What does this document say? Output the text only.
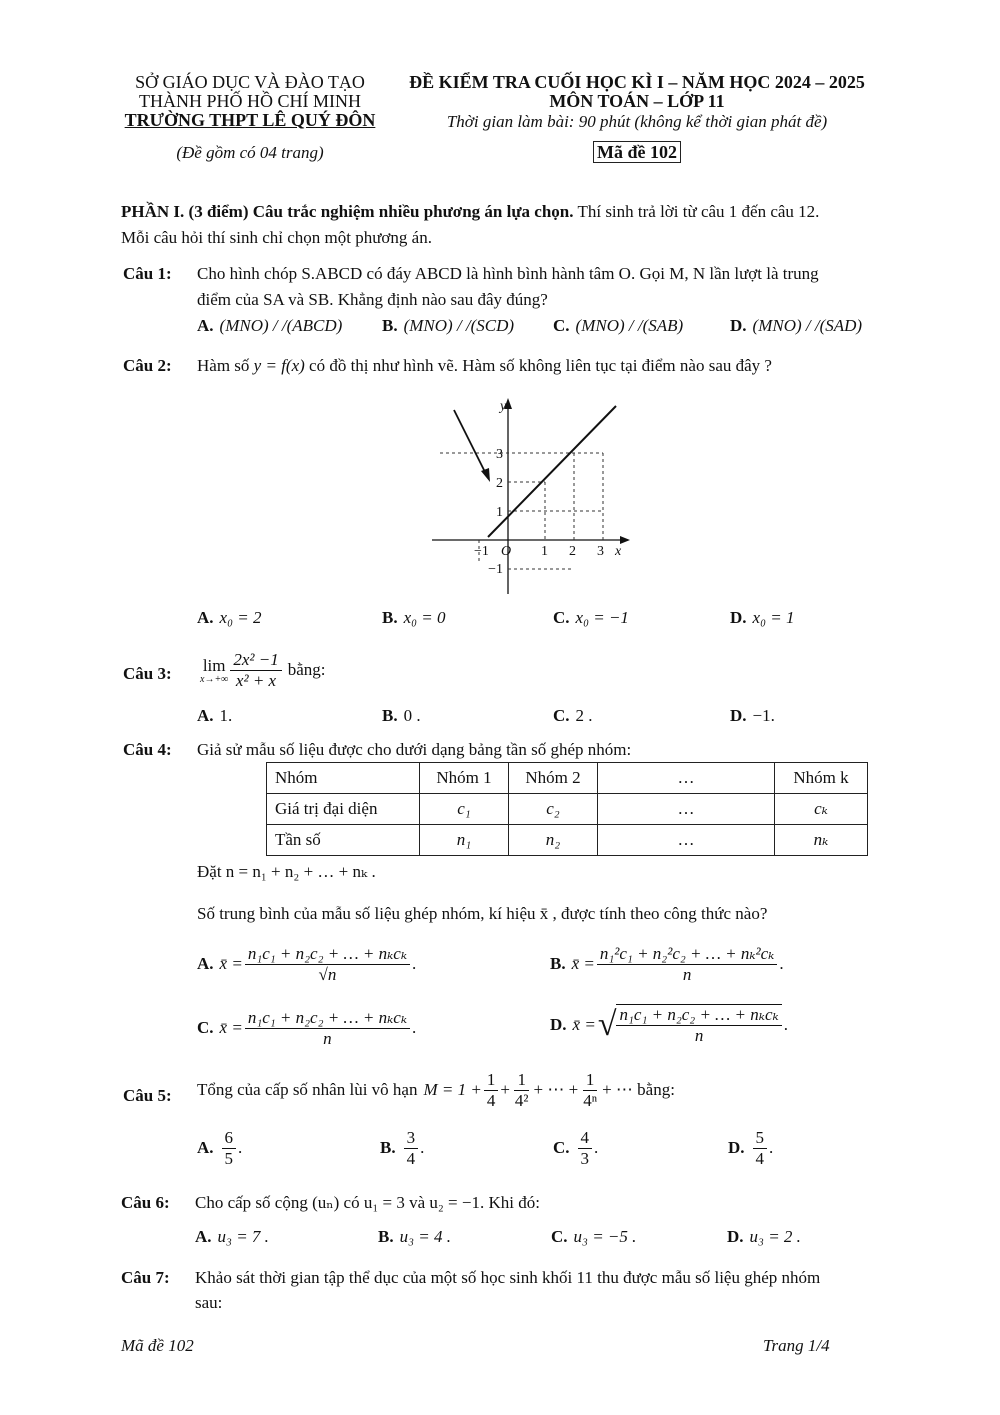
SỞ GIÁO DỤC VÀ ĐÀO TẠO
THÀNH PHỐ HỒ CHÍ MINH
TRƯỜNG THPT LÊ QUÝ ĐÔN
(Đề gồm có 04 trang)
ĐỀ KIỂM TRA CUỐI HỌC KÌ I – NĂM HỌC 2024 – 2025
MÔN TOÁN – LỚP 11
Thời gian làm bài: 90 phút (không kể thời gian phát đề)
Mã đề 102
PHẦN I. (3 điểm) Câu trắc nghiệm nhiều phương án lựa chọn. Thí sinh trả lời từ câu 1 đến câu 12.
Mỗi câu hỏi thí sinh chỉ chọn một phương án.
Câu 1: Cho hình chóp S.ABCD có đáy ABCD là hình bình hành tâm O. Gọi M, N lần lượt là trung
điểm của SA và SB. Khẳng định nào sau đây đúng?
A. (MNO) / /(ABCD) B. (MNO) / /(SCD) C. (MNO) / /(SAB)	D. (MNO) / /(SAD)
Câu 2: Hàm số y = f(x) có đồ thị như hình vẽ. Hàm số không liên tục tại điểm nào sau đây ?
y
x
O
−1	1 2 3
3
2
1
−1
A. x₀ = 2	B. x₀ = 0	C. x₀ = −1	D. x₀ = 1
Câu 3: lim
$x\to+\infty \frac{\text{2x² −1}}{\text{x² + x}}$ bằng:
A. 1.	B. 0 .	C. 2 .	D. −1.
Câu 4: Giả sử mẫu số liệu được cho dưới dạng bảng tần số ghép nhóm:
Nhóm	Nhóm 1	Nhóm 2	…	Nhóm k
Giá trị đại diện	c₁	c₂	…	cₖ
Tần số	n₁	n₂	…	nₖ
Đặt n = n₁ + n₂ + … + nₖ .
Số trung bình của mẫu số liệu ghép nhóm, kí hiệu x̄ , được tính theo công thức nào?
A. x̄ = $\frac{\text{n₁c₁ + n₂c₂ + … + nₖcₖ}}{√n}$ .	B. x̄ = $\frac{\text{n₁²c₁ + n₂²c₂ + … + nₖ²cₖ}}{n}$ .
C. x̄ = $\frac{\text{n₁c₁ + n₂c₂ + … + nₖcₖ}}{n}$ .	D. x̄ = √ $\frac{\text{n₁c₁ + n₂c₂ + … + nₖcₖ}}{n}$ .
Câu 5: Tổng của cấp số nhân lùi vô hạn $M = 1 + \frac{1}{4} + \frac{1}{\text{4²}}$ + ⋯ + $\frac{1}{\text{4ⁿ}}$ + ⋯ bằng:
A. $\frac{6}{5}$ .	B. $\frac{3}{4}$ .	C. $\frac{4}{3}$ .	D. $\frac{5}{4}$ .
Câu 6: Cho cấp số cộng (uₙ) có u₁ = 3 và u₂ = −1. Khi đó:
A. u₃ = 7 .	B. u₃ = 4 .	C. u₃ = −5 .	D. u₃ = 2 .
Câu 7: Khảo sát thời gian tập thể dục của một số học sinh khối 11 thu được mẫu số liệu ghép nhóm
sau:
Mã đề 102	Trang 1/4
